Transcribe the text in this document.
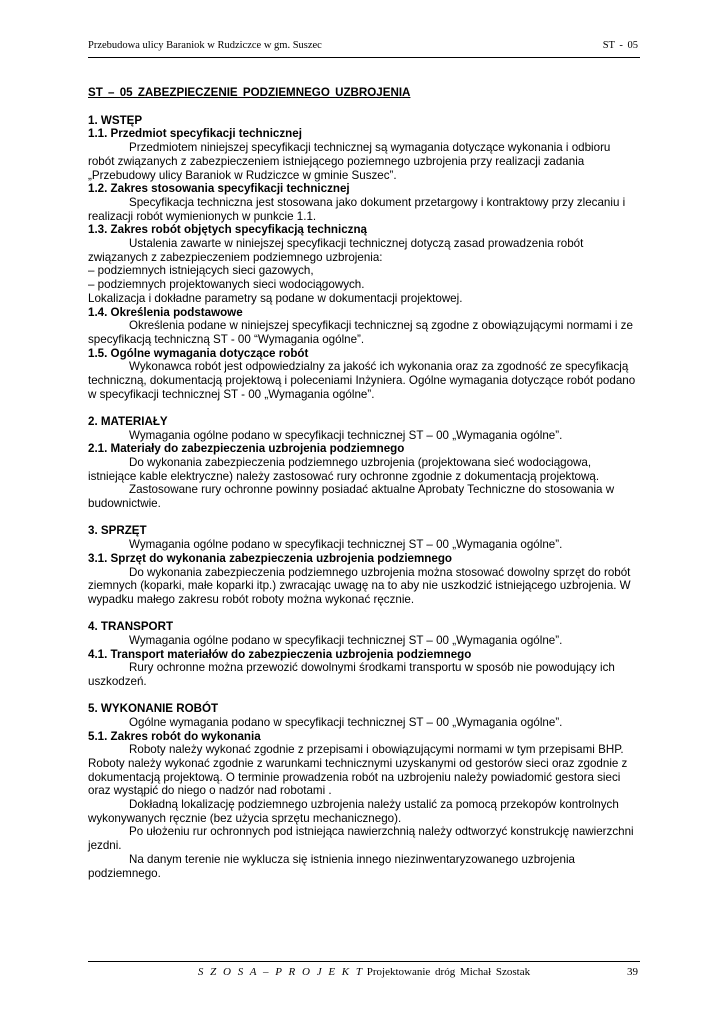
Przebudowa ulicy Baraniok w Rudziczce w gm. Suszec	ST - 05

ST – 05 ZABEZPIECZENIE PODZIEMNEGO UZBROJENIA

1. WSTĘP

1.1. Przedmiot specyfikacji technicznej

Przedmiotem niniejszej specyfikacji technicznej są wymagania dotyczące wykonania i odbioru robót związanych z zabezpieczeniem istniejącego poziemnego uzbrojenia przy realizacji zadania „Przebudowy ulicy Baraniok w Rudziczce w gminie Suszec”.

1.2. Zakres stosowania specyfikacji technicznej

Specyfikacja techniczna jest stosowana jako dokument przetargowy i kontraktowy przy zlecaniu i realizacji robót wymienionych w punkcie 1.1.

1.3. Zakres robót objętych specyfikacją techniczną

Ustalenia zawarte w niniejszej specyfikacji technicznej dotyczą zasad prowadzenia robót związanych z zabezpieczeniem podziemnego uzbrojenia:

– podziemnych istniejących sieci gazowych,

– podziemnych projektowanych sieci wodociągowych.

Lokalizacja i dokładne parametry są podane w dokumentacji projektowej.

1.4. Określenia podstawowe

Określenia podane w niniejszej specyfikacji technicznej są zgodne z obowiązującymi normami i ze specyfikacją techniczną ST - 00 “Wymagania ogólne”.

1.5. Ogólne wymagania dotyczące robót

Wykonawca robót jest odpowiedzialny za jakość ich wykonania oraz za zgodność ze specyfikacją techniczną, dokumentacją projektową i poleceniami Inżyniera. Ogólne wymagania dotyczące robót podano w specyfikacji technicznej ST - 00 „Wymagania ogólne”.

2. MATERIAŁY

Wymagania ogólne podano w specyfikacji technicznej ST – 00 „Wymagania ogólne”.

2.1. Materiały do zabezpieczenia uzbrojenia podziemnego

Do wykonania zabezpieczenia podziemnego uzbrojenia (projektowana sieć wodociągowa, istniejące kable elektryczne) należy zastosować rury ochronne zgodnie z dokumentacją projektową.

Zastosowane rury ochronne powinny posiadać aktualne Aprobaty Techniczne do stosowania w budownictwie.

3. SPRZĘT

Wymagania ogólne podano w specyfikacji technicznej ST – 00 „Wymagania ogólne”.

3.1. Sprzęt do wykonania zabezpieczenia uzbrojenia podziemnego

Do wykonania zabezpieczenia podziemnego uzbrojenia można stosować dowolny sprzęt do robót ziemnych (koparki, małe koparki itp.) zwracając uwagę na to aby nie uszkodzić istniejącego uzbrojenia. W wypadku małego zakresu robót roboty można wykonać ręcznie.

4. TRANSPORT

Wymagania ogólne podano w specyfikacji technicznej ST – 00 „Wymagania ogólne”.

4.1. Transport materiałów do zabezpieczenia uzbrojenia podziemnego

Rury ochronne można przewozić dowolnymi środkami transportu w sposób nie powodujący ich uszkodzeń.

5. WYKONANIE ROBÓT

Ogólne wymagania podano w specyfikacji technicznej ST – 00 „Wymagania ogólne”.

5.1. Zakres robót do wykonania

Roboty należy wykonać zgodnie z przepisami i obowiązującymi normami w tym przepisami BHP. Roboty należy wykonać zgodnie z warunkami technicznymi uzyskanymi od gestorów sieci oraz zgodnie z dokumentacją projektową. O terminie prowadzenia robót na uzbrojeniu należy powiadomić gestora sieci oraz wystąpić do niego o nadzór nad robotami .

Dokładną lokalizację podziemnego uzbrojenia należy ustalić za pomocą przekopów kontrolnych wykonywanych ręcznie (bez użycia sprzętu mechanicznego).

Po ułożeniu rur ochronnych pod istniejąca nawierzchnią należy odtworzyć konstrukcję nawierzchni jezdni.

Na danym terenie nie wyklucza się istnienia innego niezinwentaryzowanego uzbrojenia podziemnego.

S Z O S A – P R O J E K T Projektowanie dróg Michał Szostak	39
